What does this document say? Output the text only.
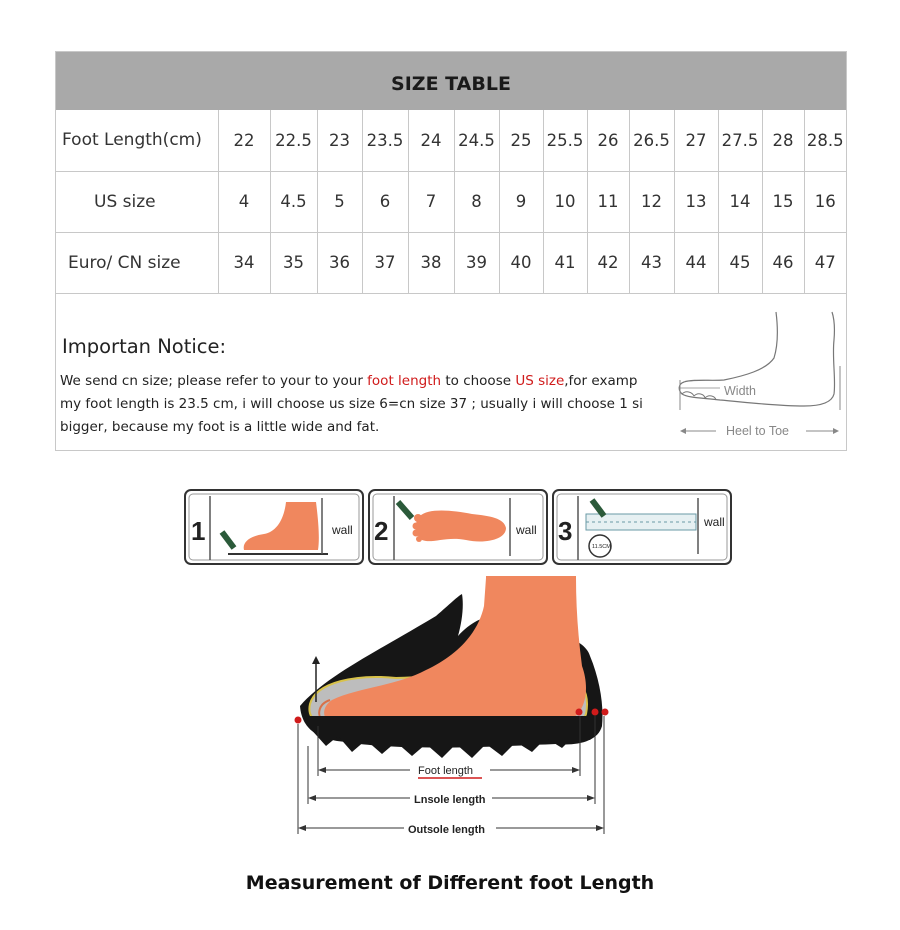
SIZE TABLE
Foot Length(cm)	22	22.5	23	23.5	24	24.5	25	25.5	26	26.5	27	27.5	28	28.5
US size	4	4.5	5	6	7	8	9	10	11	12	13	14	15	16
Euro/ CN size	34	35	36	37	38	39	40	41	42	43	44	45	46	47
Importan Notice:
We send cn size; please refer to your to your foot length to choose US size,for examp
my foot length is 23.5 cm, i will choose us size 6=cn size 37 ; usually i will choose 1 si
bigger, because my foot is a little wide and fat.
Width
Heel to Toe
1	wall 2	wall 3
11.5CM
wall
Foot length
Lnsole length
Outsole length
Measurement of Different foot Length
